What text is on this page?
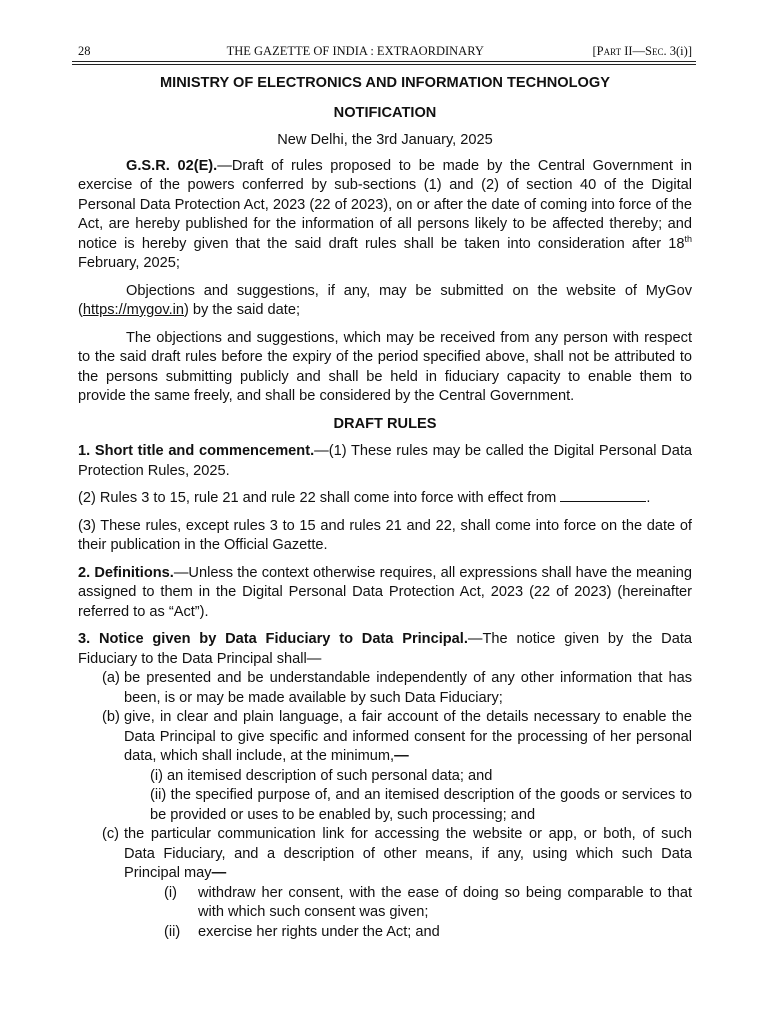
28	THE GAZETTE OF INDIA : EXTRAORDINARY	[Part II—Sec. 3(i)]
MINISTRY OF ELECTRONICS AND INFORMATION TECHNOLOGY
NOTIFICATION
New Delhi, the 3rd January, 2025

G.S.R. 02(E).—Draft of rules proposed to be made by the Central Government in exercise of the powers conferred by sub-sections (1) and (2) of section 40 of the Digital Personal Data Protection Act, 2023 (22 of 2023), on or after the date of coming into force of the Act, are hereby published for the information of all persons likely to be affected thereby; and notice is hereby given that the said draft rules shall be taken into consideration after 18th February, 2025;

Objections and suggestions, if any, may be submitted on the website of MyGov (https://mygov.in) by the said date;

The objections and suggestions, which may be received from any person with respect to the said draft rules before the expiry of the period specified above, shall not be attributed to the persons submitting publicly and shall be held in fiduciary capacity to enable them to provide the same freely, and shall be considered by the Central Government.

DRAFT RULES

1. Short title and commencement.—(1) These rules may be called the Digital Personal Data Protection Rules, 2025.

(2) Rules 3 to 15, rule 21 and rule 22 shall come into force with effect from	.

(3) These rules, except rules 3 to 15 and rules 21 and 22, shall come into force on the date of their publication in the Official Gazette.

2. Definitions.—Unless the context otherwise requires, all expressions shall have the meaning assigned to them in the Digital Personal Data Protection Act, 2023 (22 of 2023) (hereinafter referred to as “Act”).

3. Notice given by Data Fiduciary to Data Principal.—The notice given by the Data Fiduciary to the Data Principal shall—

(a) be presented and be understandable independently of any other information that has been, is or may be made available by such Data Fiduciary;
(b) give, in clear and plain language, a fair account of the details necessary to enable the Data Principal to give specific and informed consent for the processing of her personal data, which shall include, at the minimum,—
(i) an itemised description of such personal data; and
(ii) the specified purpose of, and an itemised description of the goods or services to be provided or uses to be enabled by, such processing; and
(c) the particular communication link for accessing the website or app, or both, of such Data Fiduciary, and a description of other means, if any, using which such Data Principal may—
(i)	withdraw her consent, with the ease of doing so being comparable to that with which such consent was given;
(ii)	exercise her rights under the Act; and
